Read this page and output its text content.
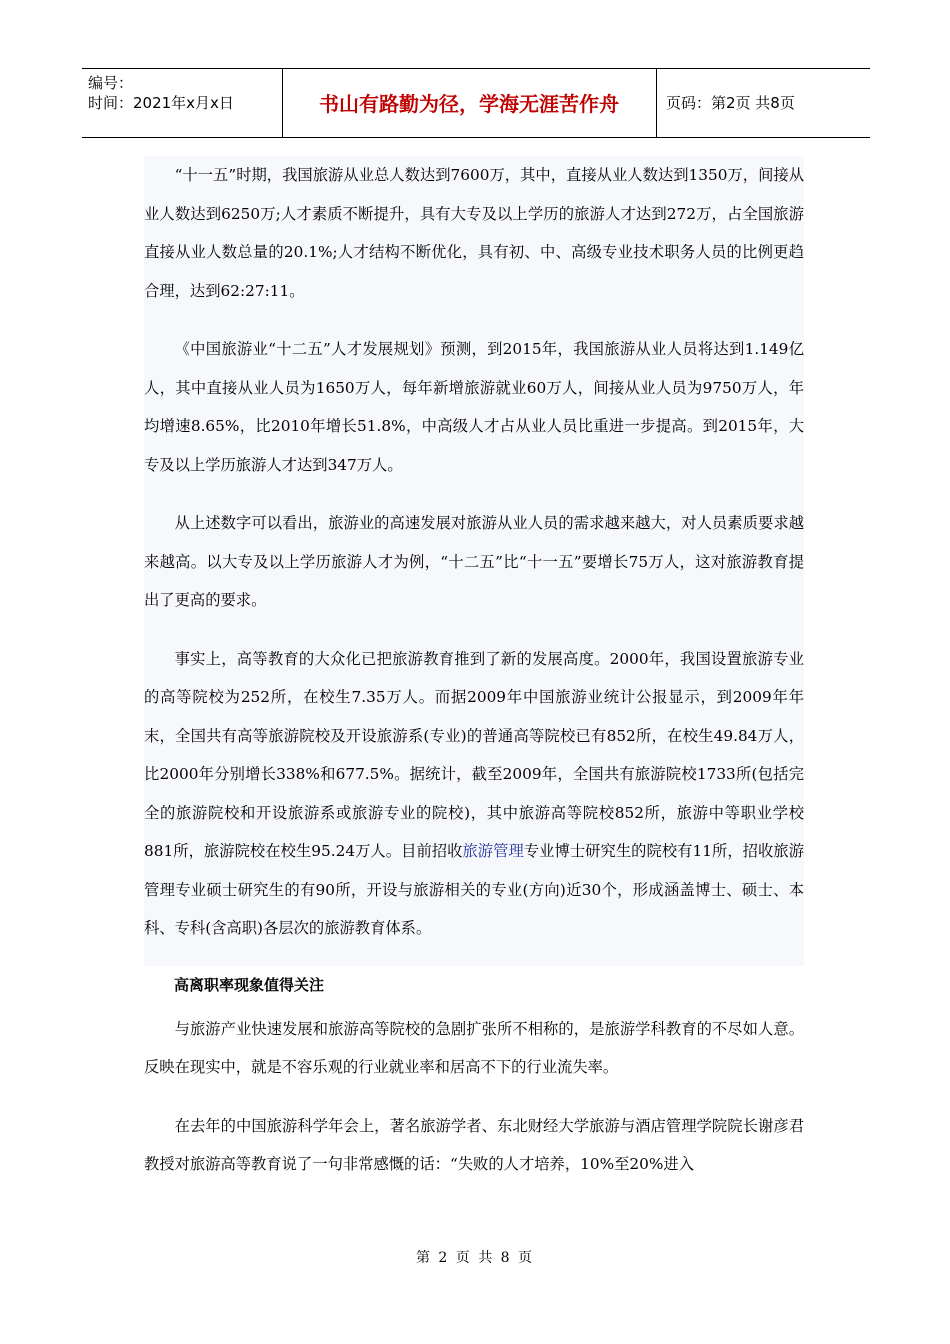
编号：
时间：2021年x月x日	书山有路勤为径，学海无涯苦作舟	页码：第2页 共8页

“十一五”时期，我国旅游从业总人数达到7600万，其中，直接从业人数达到1350万，间接从业人数达到6250万;人才素质不断提升，具有大专及以上学历的旅游人才达到272万，占全国旅游直接从业人数总量的20.1%;人才结构不断优化，具有初、中、高级专业技术职务人员的比例更趋合理，达到62:27:11。

《中国旅游业“十二五”人才发展规划》预测，到2015年，我国旅游从业人员将达到1.149亿人，其中直接从业人员为1650万人，每年新增旅游就业60万人，间接从业人员为9750万人，年均增速8.65%，比2010年增长51.8%，中高级人才占从业人员比重进一步提高。到2015年，大专及以上学历旅游人才达到347万人。

从上述数字可以看出，旅游业的高速发展对旅游从业人员的需求越来越大，对人员素质要求越来越高。以大专及以上学历旅游人才为例，“十二五”比“十一五”要增长75万人，这对旅游教育提出了更高的要求。

事实上，高等教育的大众化已把旅游教育推到了新的发展高度。2000年，我国设置旅游专业的高等院校为252所，在校生7.35万人。而据2009年中国旅游业统计公报显示，到2009年年末，全国共有高等旅游院校及开设旅游系(专业)的普通高等院校已有852所，在校生49.84万人，比2000年分别增长338%和677.5%。据统计，截至2009年，全国共有旅游院校1733所(包括完全的旅游院校和开设旅游系或旅游专业的院校)，其中旅游高等院校852所，旅游中等职业学校881所，旅游院校在校生95.24万人。目前招收旅游管理专业博士研究生的院校有11所，招收旅游管理专业硕士研究生的有90所，开设与旅游相关的专业(方向)近30个，形成涵盖博士、硕士、本科、专科(含高职)各层次的旅游教育体系。

高离职率现象值得关注

与旅游产业快速发展和旅游高等院校的急剧扩张所不相称的，是旅游学科教育的不尽如人意。反映在现实中，就是不容乐观的行业就业率和居高不下的行业流失率。

在去年的中国旅游科学年会上，著名旅游学者、东北财经大学旅游与酒店管理学院院长谢彦君教授对旅游高等教育说了一句非常感慨的话：“失败的人才培养，10%至20%进入

第 2 页 共 8 页
